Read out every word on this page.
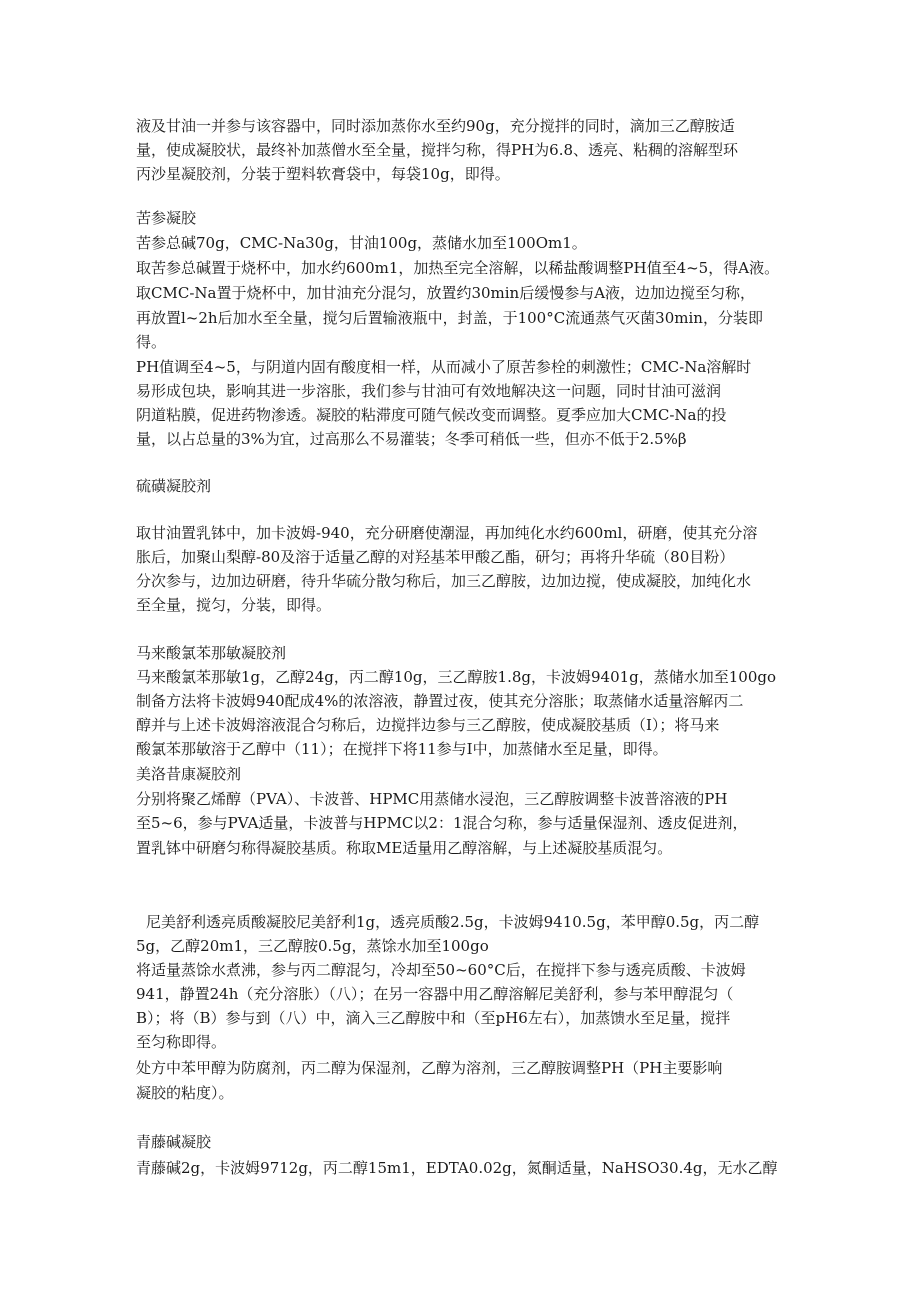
液及甘油一并参与该容器中，同时添加蒸你水至约90g，充分搅拌的同时，滴加三乙醇胺适
量，使成凝胶状，最终补加蒸僧水至全量，搅拌匀称，得PH为6.8、透亮、粘稠的溶解型环
丙沙星凝胶剂，分装于塑料软膏袋中，每袋10g，即得。
苦参凝胶
苦参总碱70g，CMC-Na30g，甘油100g，蒸储水加至100Om1。
取苦参总碱置于烧杯中，加水约600m1，加热至完全溶解，以稀盐酸调整PH值至4~5，得A液。
取CMC-Na置于烧杯中，加甘油充分混匀，放置约30min后缓慢参与A液，边加边搅至匀称，
再放置l~2h后加水至全量，搅匀后置输液瓶中，封盖，于100°C流通蒸气灭菌30min，分装即
得。
PH值调至4~5，与阴道内固有酸度相一样，从而减小了原苦参栓的刺激性；CMC-Na溶解时
易形成包块，影响其进一步溶胀，我们参与甘油可有效地解决这一问题，同时甘油可滋润
阴道粘膜，促进药物渗透。凝胶的粘滞度可随气候改变而调整。夏季应加大CMC-Na的投
量，以占总量的3%为宜，过高那么不易灌装；冬季可稍低一些，但亦不低于2.5%β
硫磺凝胶剂
取甘油置乳钵中，加卡波姆-940，充分研磨使潮湿，再加纯化水约600ml，研磨，使其充分溶
胀后，加聚山梨醇-80及溶于适量乙醇的对羟基苯甲酸乙酯，研匀；再将升华硫（80目粉）
分次参与，边加边研磨，待升华硫分散匀称后，加三乙醇胺，边加边搅，使成凝胶，加纯化水
至全量，搅匀，分装，即得。
马来酸氯苯那敏凝胶剂
马来酸氯苯那敏1g，乙醇24g，丙二醇10g，三乙醇胺1.8g，卡波姆9401g，蒸储水加至100go
制备方法将卡波姆940配成4%的浓溶液，静置过夜，使其充分溶胀；取蒸储水适量溶解丙二
醇并与上述卡波姆溶液混合匀称后，边搅拌边参与三乙醇胺，使成凝胶基质（I）；将马来
酸氯苯那敏溶于乙醇中（11）；在搅拌下将11参与I中，加蒸储水至足量，即得。
美洛昔康凝胶剂
分别将聚乙烯醇（PVA）、卡波普、HPMC用蒸储水浸泡，三乙醇胺调整卡波普溶液的PH
至5~6，参与PVA适量，卡波普与HPMC以2：1混合匀称，参与适量保湿剂、透皮促进剂，
置乳钵中研磨匀称得凝胶基质。称取ME适量用乙醇溶解，与上述凝胶基质混匀。
尼美舒利透亮质酸凝胶尼美舒利1g，透亮质酸2.5g，卡波姆9410.5g，苯甲醇0.5g，丙二醇
5g，乙醇20m1，三乙醇胺0.5g，蒸馀水加至100go
将适量蒸馀水煮沸，参与丙二醇混匀，冷却至50~60°C后，在搅拌下参与透亮质酸、卡波姆
941，静置24h（充分溶胀）（八）；在另一容器中用乙醇溶解尼美舒利，参与苯甲醇混匀（
B）；将（B）参与到（八）中，滴入三乙醇胺中和（至pH6左右），加蒸馈水至足量，搅拌
至匀称即得。
处方中苯甲醇为防腐剂，丙二醇为保湿剂，乙醇为溶剂，三乙醇胺调整PH（PH主要影响
凝胶的粘度）。
青藤碱凝胶
青藤碱2g，卡波姆9712g，丙二醇15m1，EDTA0.02g，氮酮适量，NaHSO30.4g，无水乙醇
